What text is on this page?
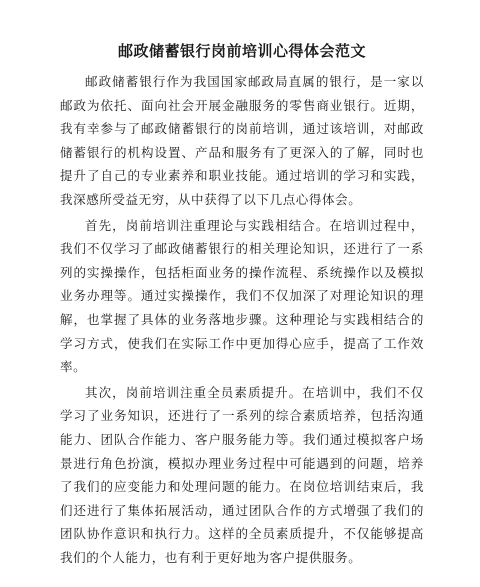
邮政储蓄银行岗前培训心得体会范文
邮政储蓄银行作为我国国家邮政局直属的银行，是一家以邮政为依托、面向社会开展金融服务的零售商业银行。近期，我有幸参与了邮政储蓄银行的岗前培训，通过该培训，对邮政储蓄银行的机构设置、产品和服务有了更深入的了解，同时也提升了自己的专业素养和职业技能。通过培训的学习和实践，我深感所受益无穷，从中获得了以下几点心得体会。
首先，岗前培训注重理论与实践相结合。在培训过程中，我们不仅学习了邮政储蓄银行的相关理论知识，还进行了一系列的实操操作，包括柜面业务的操作流程、系统操作以及模拟业务办理等。通过实操操作，我们不仅加深了对理论知识的理解，也掌握了具体的业务落地步骤。这种理论与实践相结合的学习方式，使我们在实际工作中更加得心应手，提高了工作效率。
其次，岗前培训注重全员素质提升。在培训中，我们不仅学习了业务知识，还进行了一系列的综合素质培养，包括沟通能力、团队合作能力、客户服务能力等。我们通过模拟客户场景进行角色扮演，模拟办理业务过程中可能遇到的问题，培养了我们的应变能力和处理问题的能力。在岗位培训结束后，我们还进行了集体拓展活动，通过团队合作的方式增强了我们的团队协作意识和执行力。这样的全员素质提升，不仅能够提高我们的个人能力，也有利于更好地为客户提供服务。
